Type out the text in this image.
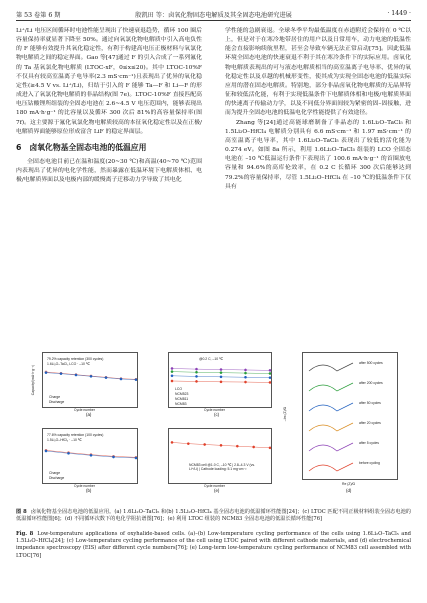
第 53 卷第 6 期	殷凯田 等：卤氧化物固态电解质及其全固态电池研究进展	· 1449 ·

Li⁺/Li 电压区间循环时电池性能呈现出了快速衰退趋势，循环 100 圈后容量保持率就显著下降至 50%。通过向氧氯化物电解质中引入高电负性的 F 能够有效提升其氧化稳定性，有利于构建高电压正极材料与氧氯化物电解质之间的稳定界面。Gao 等[47]通过 F 的引入合成了一系列氟化的 Ta 基氧氯化物电解质 (LTOC-xF，0≤x≤20)。其中 LTOC-10%F 不仅具有较高室温离子电导率(2.3 mS·cm⁻¹)且表现出了优异的氧化稳定性(≥4.5 V vs. Li⁺/Li)，归结于引入的 F 能够 Ta—F 和 Li—F 的形成进入了氧氯化物电解质的非晶结构(图 7e)。LTOC-10%F 直接匹配高电压钴酸锂所组装的全固态电池在 2.6~4.5 V 电压范围内，能够表现出 180 mA·h·g⁻¹ 的比容量以及循环 300 次后 81%的高容量保持率(图 7f)。这主要源于氟化氧氯化物电解质较高的本征氧化稳定性以及在正极/电解质界面能够原位形成富含 LiF 的稳定界面层。

6 卤氧化物基全固态电池的低温应用

全固态电池目前已在温和温度(20~30 ℃)和高温(40~70 ℃)范围内表现出了优异的电化学性能，然而暴露在低温环境下电解质体相、电极/电解质界面以及电极内部的缓慢离子迁移动力学导致了其电化

学性能的急剧衰退。全球冬季平均最低温度在赤道附近会保持在 0 ℃以上，但是对于在寒冷地带居住的用户以及日常用车，动力电池的低温性能会直接影响续航里程，甚至会导致车辆无法正常启动[75]。因此低温环境全固态电池的快速衰退不利于其在寒冷条件下的实际应用。卤氧化物电解质表现出的可与液态电解质相当的高室温离子电导率、优异的氧化稳定性以及卓越的机械形变性，使其成为实现全固态电池的低温实际应用的潜在固态电解质。特别地，部分非晶卤氧化物电解质的无晶界特征和较低活化能，有利于实现低温条件下电解质体相和电极/电解质界面的快速离子传输动力学，以及不同低分界面间较为紧密的固–固接触，进而为提升全固态电池的低温电化学性能提供了有效途径。

Zhang 等[24]通过高能球磨制备了非晶态的 1.6Li₂O–TaCl₅ 和 1.5Li₂O–HfCl₄ 电解质分别具有 6.6 mS·cm⁻¹ 和 1.97 mS·cm⁻¹ 的高室温离子电导率，其中 1.6Li₂O–TaCl₅ 表现出了较低的活化能为 0.274 eV。如图 8a 所示，利用 1.6Li₂O–TaCl₅ 组装的 LCO 全固态电池在 –10 ℃低温运行条件下表现出了 100.6 mA·h·g⁻¹ 的首圈放电容量和 94.6%的高库伦效率，在 0.2 C 长循环 300 次后能够达到 79.2%的容量保持率，尽管 1.5Li₂O–HfCl₄ 在 –10 ℃的低温条件下仅具有

79.2% capacity retention (300 cycles)
1.6Li₂O–TaCl₅ LCO · –10 ℃
Charge
Discharge
(a)
Cycle number
Capacity/(mA·h·g⁻¹)
77.6% capacity retention (100 cycles)
1.5Li₂O–HfCl₄ · –10 ℃
Charge
Discharge
(b)
Cycle number
@0.2 C, –10 ℃
LCO
NCM523
NCM811
NCM83
(c)
Cycle number
NCM83 cell @1.0 C, –10 ℃ | 2.8–4.3 V (vs. Li⁺/Li) | Cathode loading: 5.1 mg·cm⁻²
(e)
Cycle number
after 500 cycles
after 200 cycles
after 50 cycles
after 20 cycles
after 5 cycles
before cycling
(d)
Re (Z)/Ω
–Im (Z)/Ω
图 8 卤氧化物基全固态电池的低温应用。(a) 1.6Li₂O–TaCl₅ 和(b) 1.5Li₂O–HfCl₄ 基全固态电池的低温循环性能图[24]；(c) LTOC 匹配不同正极材料组装全固态电池的低温循环性能图[6]；(d) 不同循环次数下的电化学阻抗谱图[76]；(e) 利用 LTOC 组装的 NCM83 全固态电池的低温长循环性能[76]
Fig. 8 Low-temperature applications of oxyhalide-based cells. (a)–(b) Low-temperature cycling performance of the cells using 1.6Li₂O–TaCl₅ and 1.5Li₂O–HfCl₄[24]; (c) Low-temperature cycling performance of the cell using LTOC paired with different cathode materials, and (d) electrochemical impedance spectroscopy (EIS) after different cycle numbers[76]; (e) Long-term low-temperature cycling performance of NCM83 cell assembled with LTOC[76]
